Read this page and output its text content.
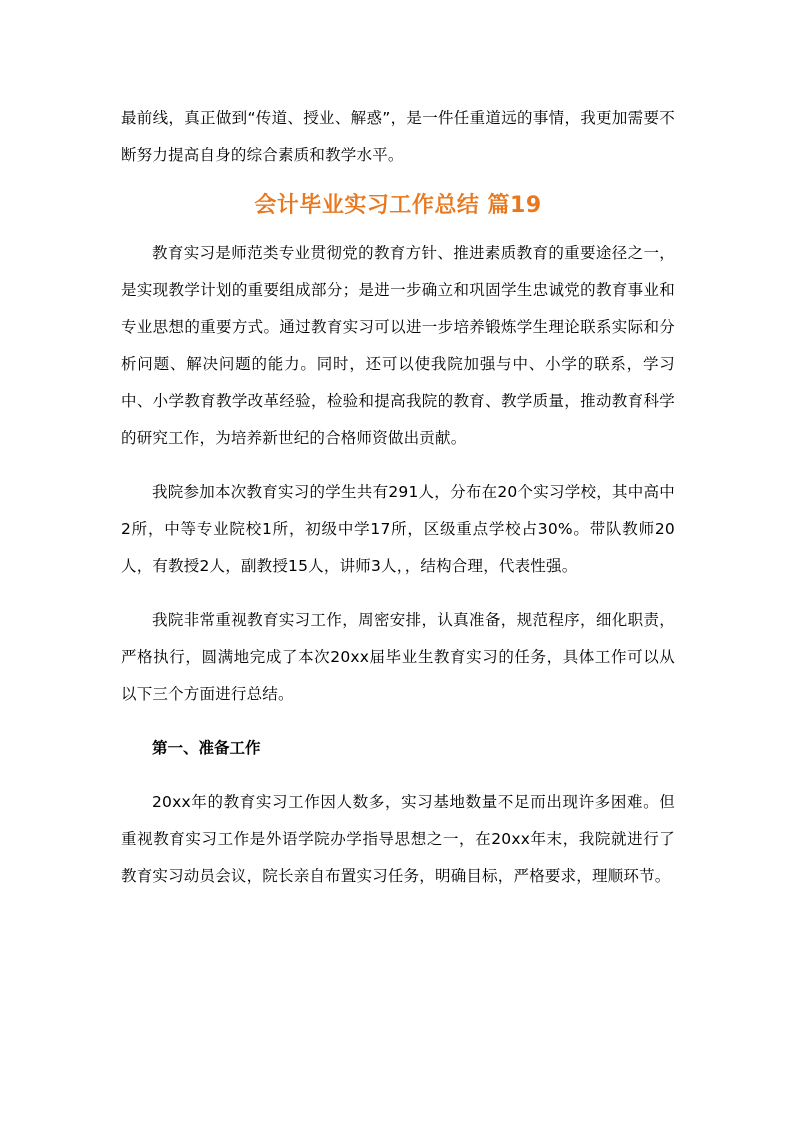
最前线，真正做到“传道、授业、解惑”，是一件任重道远的事情，我更加需要不断努力提高自身的综合素质和教学水平。

会计毕业实习工作总结 篇19

教育实习是师范类专业贯彻党的教育方针、推进素质教育的重要途径之一，是实现教学计划的重要组成部分；是进一步确立和巩固学生忠诚党的教育事业和专业思想的重要方式。通过教育实习可以进一步培养锻炼学生理论联系实际和分析问题、解决问题的能力。同时，还可以使我院加强与中、小学的联系，学习中、小学教育教学改革经验，检验和提高我院的教育、教学质量，推动教育科学的研究工作，为培养新世纪的合格师资做出贡献。

我院参加本次教育实习的学生共有291人，分布在20个实习学校，其中高中2所，中等专业院校1所，初级中学17所，区级重点学校占30%。带队教师20人，有教授2人，副教授15人，讲师3人，，结构合理，代表性强。

我院非常重视教育实习工作，周密安排，认真准备，规范程序，细化职责，严格执行，圆满地完成了本次20xx届毕业生教育实习的任务，具体工作可以从以下三个方面进行总结。

第一、准备工作

20xx年的教育实习工作因人数多，实习基地数量不足而出现许多困难。但重视教育实习工作是外语学院办学指导思想之一，在20xx年末，我院就进行了教育实习动员会议，院长亲自布置实习任务，明确目标，严格要求，理顺环节。
